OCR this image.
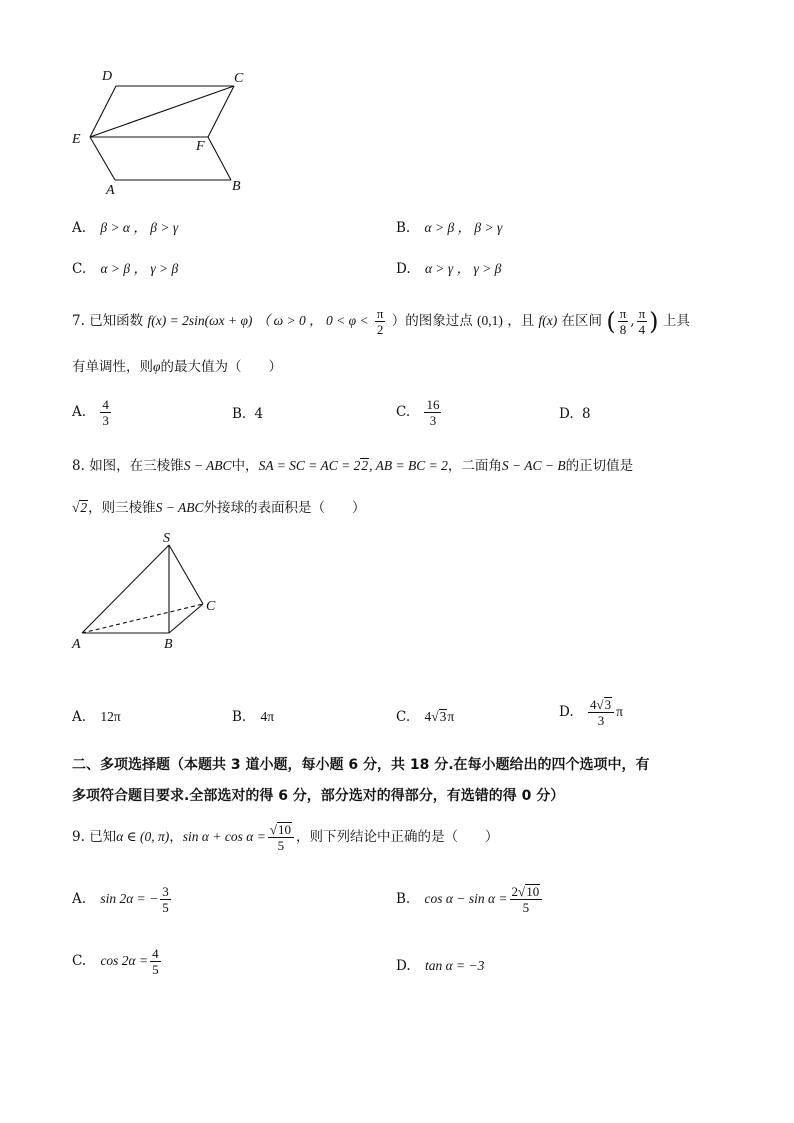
D	C
E	F
A	B
A. β > α ， β > γ	B. α > β ， β > γ
C. α > β ， γ > β	D. α > γ ， γ > β
7. 已知函数 f(x) = 2sin(ωx + φ) （ ω > 0 ， $0 < \varphi < \frac{\pi}{2}$ ）的图象过点 (0,1) ，且 f(x) 在区间 ( $\frac{\pi}{8}$ , $\frac{\pi}{4}$ ) 上具
有单调性，则φ的最大值为（　　）
A. $\frac{4}{3}$	B. 4	C. $\frac{16}{3}$	D. 8
8. 如图，在三棱锥S − ABC中，SA = SC = AC = 22, AB = BC = 2，二面角S − AC − B的正切值是
√2，则三棱锥S − ABC外接球的表面积是（　　）
S
C
A	B
A. 12π	B. 4π	C. 4√3π	D. $\frac{4√3}{3}$ π
二、多项选择题（本题共 3 道小题，每小题 6 分，共 18 分.在每小题给出的四个选项中，有
多项符合题目要求.全部选对的得 6 分，部分选对的得部分，有选错的得 0 分）
9. 已知α ∈ (0, π)，$\sin \alpha + \cos \alpha = \frac{√10}{5}$ ，则下列结论中正确的是（　　）
A. sin 2α = − $\frac{3}{5}$	B. $\cos \alpha - \sin \alpha = \frac{2√10}{5}$
C. $\cos 2\alpha = \frac{4}{5}$	D. tan α = −3
